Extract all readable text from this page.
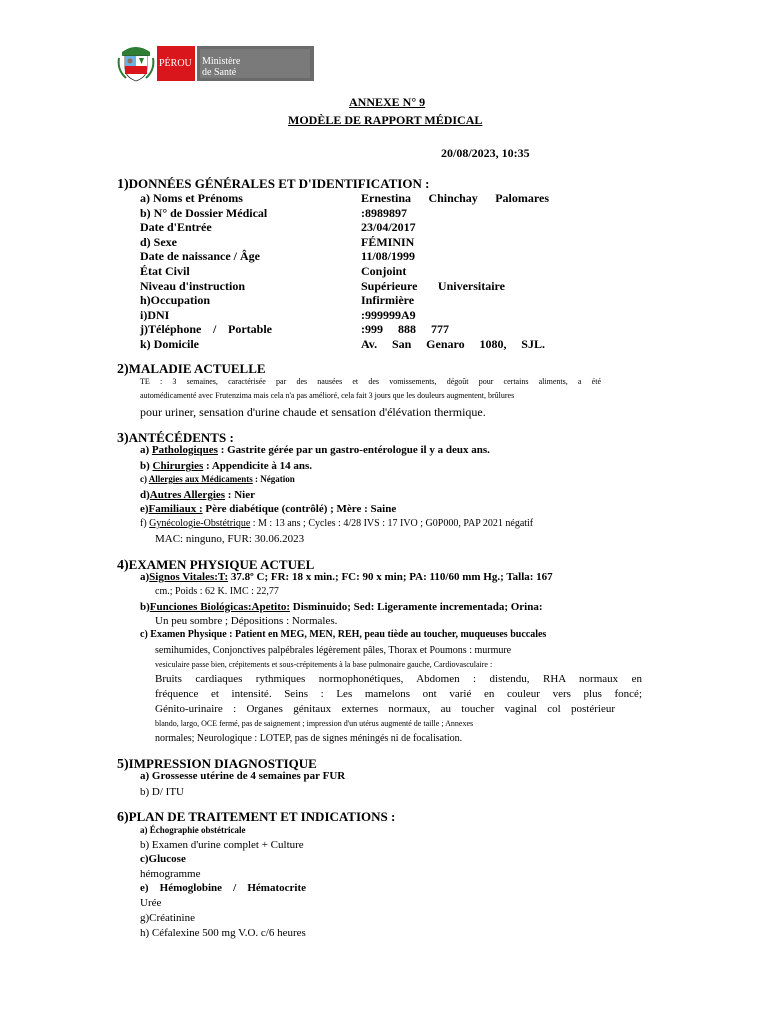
PÉROU Ministère
de Santé
ANNEXE N° 9
MODÈLE DE RAPPORT MÉDICAL
20/08/2023, 10:35
1)DONNÉES GÉNÉRALES ET D'IDENTIFICATION :
a) Noms et Prénoms	Ernestina Chinchay Palomares
b) N° de Dossier Médical	:8989897
Date d'Entrée	23/04/2017
d) Sexe	FÉMININ
Date de naissance / Âge	11/08/1999
État Civil	Conjoint
Niveau d'instruction	Supérieure Universitaire
h)Occupation	Infirmière
i)DNI	:999999A9
j)Téléphone / Portable	:999 888 777
k) Domicile	Av. San Genaro 1080, SJL.
2)MALADIE ACTUELLE
TE : 3 semaines, caractérisée par des nausées et des vomissements, dégoût pour certains aliments, a été
automédicamenté avec Frutenzima mais cela n'a pas amélioré, cela fait 3 jours que les douleurs augmentent, brûlures
pour uriner, sensation d'urine chaude et sensation d'élévation thermique.
3)ANTÉCÉDENTS :
a) Pathologiques : Gastrite gérée par un gastro-entérologue il y a deux ans.
b) Chirurgies : Appendicite à 14 ans.
c) Allergies aux Médicaments : Négation
d)Autres Allergies : Nier
e)Familiaux : Père diabétique (contrôlé) ; Mère : Saine
f) Gynécologie-Obstétrique : M : 13 ans ; Cycles : 4/28 IVS : 17 IVO ; G0P000, PAP 2021 négatif
MAC: ninguno, FUR: 30.06.2023
4)EXAMEN PHYSIQUE ACTUEL
a)Signos Vitales:T: 37.8º C; FR: 18 x min.; FC: 90 x min; PA: 110/60 mm Hg.; Talla: 167
cm.; Poids : 62 K. IMC : 22,77
b)Funciones Biológicas:Apetito: Disminuido; Sed: Ligeramente incrementada; Orina:
Un peu sombre ; Dépositions : Normales.
c) Examen Physique : Patient en MEG, MEN, REH, peau tiède au toucher, muqueuses buccales
semihumides, Conjonctives palpébrales légèrement pâles, Thorax et Poumons : murmure
vesiculaire passe bien, crépitements et sous-crépitements à la base pulmonaire gauche, Cardiovasculaire :
Bruits cardiaques rythmiques normophonétiques, Abdomen : distendu, RHA normaux en
fréquence et intensité. Seins : Les mamelons ont varié en couleur vers plus foncé;
Génito-urinaire : Organes génitaux externes normaux, au toucher vaginal col postérieur
blando, largo, OCE fermé, pas de saignement ; impression d'un utérus augmenté de taille ; Annexes
normales; Neurologique : LOTEP, pas de signes méningés ni de focalisation.
5)IMPRESSION DIAGNOSTIQUE
a) Grossesse utérine de 4 semaines par FUR
b) D/ ITU
6)PLAN DE TRAITEMENT ET INDICATIONS :
a) Échographie obstétricale
b) Examen d'urine complet + Culture
c)Glucose
hémogramme
e) Hémoglobine / Hématocrite
Urée
g)Créatinine
h) Céfalexine 500 mg V.O. c/6 heures
